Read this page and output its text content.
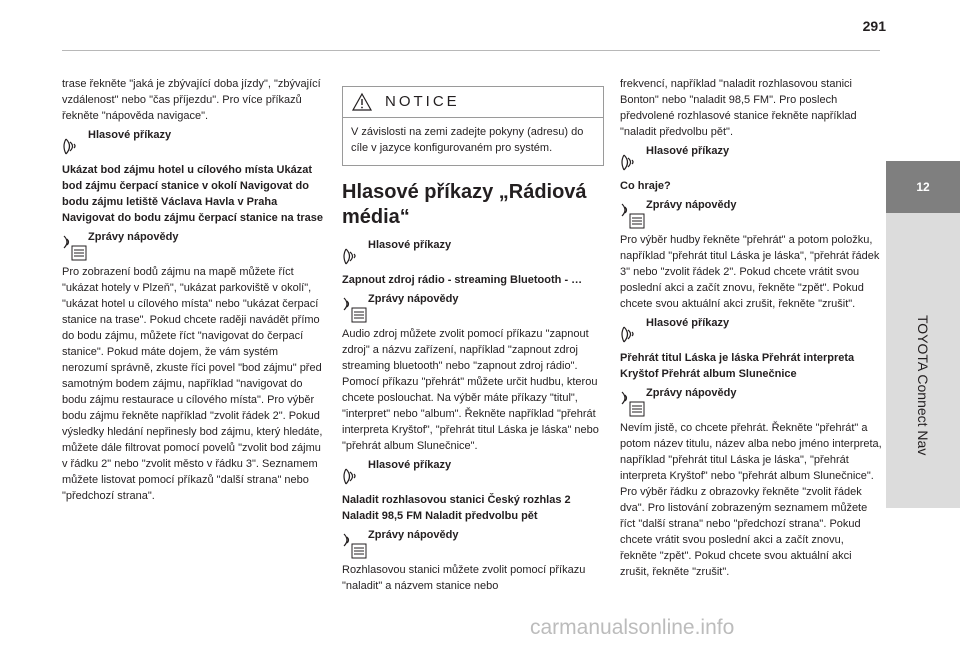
291
12
TOYOTA Connect Nav

trase řekněte "jaká je zbývající doba jízdy", "zbývající vzdálenost" nebo "čas příjezdu". Pro více příkazů řekněte "nápověda navigace".

Hlasové příkazy

Ukázat bod zájmu hotel u cílového místa Ukázat bod zájmu čerpací stanice v okolí Navigovat do bodu zájmu letiště Václava Havla v Praha Navigovat do bodu zájmu čerpací stanice na trase

Zprávy nápovědy

Pro zobrazení bodů zájmu na mapě můžete říct "ukázat hotely v Plzeň", "ukázat parkoviště v okolí", "ukázat hotel u cílového místa" nebo "ukázat čerpací stanice na trase". Pokud chcete raději navádět přímo do bodu zájmu, můžete říct "navigovat do čerpací stanice". Pokud máte dojem, že vám systém nerozumí správně, zkuste říci povel "bod zájmu" před samotným bodem zájmu, například "navigovat do bodu zájmu restaurace u cílového místa". Pro výběr bodu zájmu řekněte například "zvolit řádek 2". Pokud výsledky hledání nepřinesly bod zájmu, který hledáte, můžete dále filtrovat pomocí povelů "zvolit bod zájmu v řádku 2" nebo "zvolit město v řádku 3". Seznamem můžete listovat pomocí příkazů "další strana" nebo "předchozí strana".

NOTICE
V závislosti na zemi zadejte pokyny (adresu) do cíle v jazyce konfigurovaném pro systém.
Hlasové příkazy „Rádiová média“
Hlasové příkazy

Zapnout zdroj rádio - streaming Bluetooth - …

Zprávy nápovědy

Audio zdroj můžete zvolit pomocí příkazu "zapnout zdroj" a názvu zařízení, například "zapnout zdroj streaming bluetooth" nebo "zapnout zdroj rádio". Pomocí příkazu "přehrát" můžete určit hudbu, kterou chcete poslouchat. Na výběr máte příkazy "titul", "interpret" nebo "album". Řekněte například "přehrát interpreta Kryštof", "přehrát titul Láska je láska" nebo "přehrát album Slunečnice".

Hlasové příkazy

Naladit rozhlasovou stanici Český rozhlas 2 Naladit 98,5 FM Naladit předvolbu pět

Zprávy nápovědy

Rozhlasovou stanici můžete zvolit pomocí příkazu "naladit" a názvem stanice nebo

frekvencí, například "naladit rozhlasovou stanici Bonton" nebo "naladit 98,5 FM". Pro poslech předvolené rozhlasové stanice řekněte například "naladit předvolbu pět".

Hlasové příkazy

Co hraje?

Zprávy nápovědy

Pro výběr hudby řekněte "přehrát" a potom položku, například "přehrát titul Láska je láska", "přehrát řádek 3" nebo "zvolit řádek 2". Pokud chcete vrátit svou poslední akci a začít znovu, řekněte "zpět". Pokud chcete svou aktuální akci zrušit, řekněte "zrušit".

Hlasové příkazy

Přehrát titul Láska je láska Přehrát interpreta Kryštof Přehrát album Slunečnice

Zprávy nápovědy

Nevím jistě, co chcete přehrát. Řekněte "přehrát" a potom název titulu, název alba nebo jméno interpreta, například "přehrát titul Láska je láska", "přehrát interpreta Kryštof" nebo "přehrát album Slunečnice". Pro výběr řádku z obrazovky řekněte "zvolit řádek dva". Pro listování zobrazeným seznamem můžete říct "další strana" nebo "předchozí strana". Pokud chcete vrátit svou poslední akci a začít znovu, řekněte "zpět". Pokud chcete svou aktuální akci zrušit, řekněte "zrušit".

carmanualsonline.info
